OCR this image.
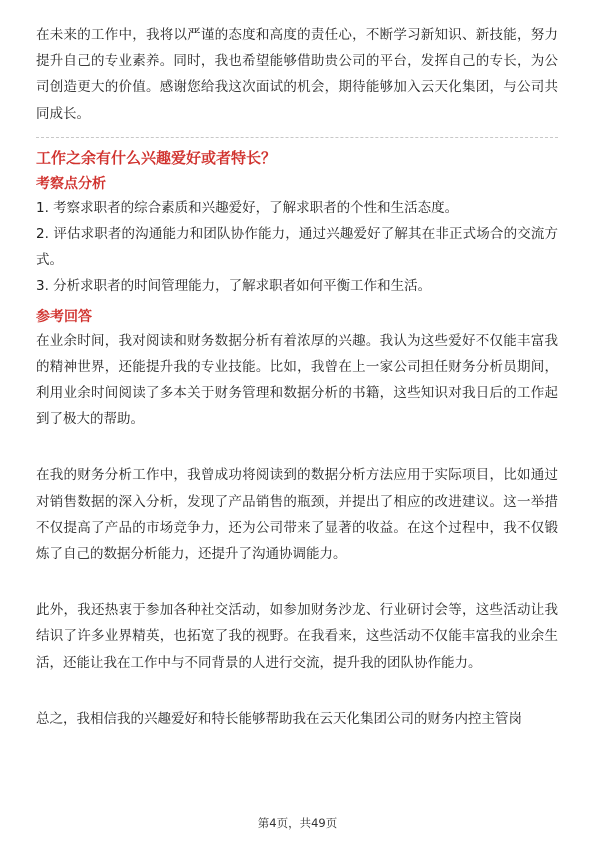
在未来的工作中，我将以严谨的态度和高度的责任心，不断学习新知识、新技能，努力提升自己的专业素养。同时，我也希望能够借助贵公司的平台，发挥自己的专长，为公司创造更大的价值。感谢您给我这次面试的机会，期待能够加入云天化集团，与公司共同成长。

工作之余有什么兴趣爱好或者特长？
考察点分析

1. 考察求职者的综合素质和兴趣爱好，了解求职者的个性和生活态度。

2. 评估求职者的沟通能力和团队协作能力，通过兴趣爱好了解其在非正式场合的交流方式。

3. 分析求职者的时间管理能力，了解求职者如何平衡工作和生活。

参考回答

在业余时间，我对阅读和财务数据分析有着浓厚的兴趣。我认为这些爱好不仅能丰富我的精神世界，还能提升我的专业技能。比如，我曾在上一家公司担任财务分析员期间，利用业余时间阅读了多本关于财务管理和数据分析的书籍，这些知识对我日后的工作起到了极大的帮助。

在我的财务分析工作中，我曾成功将阅读到的数据分析方法应用于实际项目，比如通过对销售数据的深入分析，发现了产品销售的瓶颈，并提出了相应的改进建议。这一举措不仅提高了产品的市场竞争力，还为公司带来了显著的收益。在这个过程中，我不仅锻炼了自己的数据分析能力，还提升了沟通协调能力。

此外，我还热衷于参加各种社交活动，如参加财务沙龙、行业研讨会等，这些活动让我结识了许多业界精英，也拓宽了我的视野。在我看来，这些活动不仅能丰富我的业余生活，还能让我在工作中与不同背景的人进行交流，提升我的团队协作能力。

总之，我相信我的兴趣爱好和特长能够帮助我在云天化集团公司的财务内控主管岗

第4页，共49页
